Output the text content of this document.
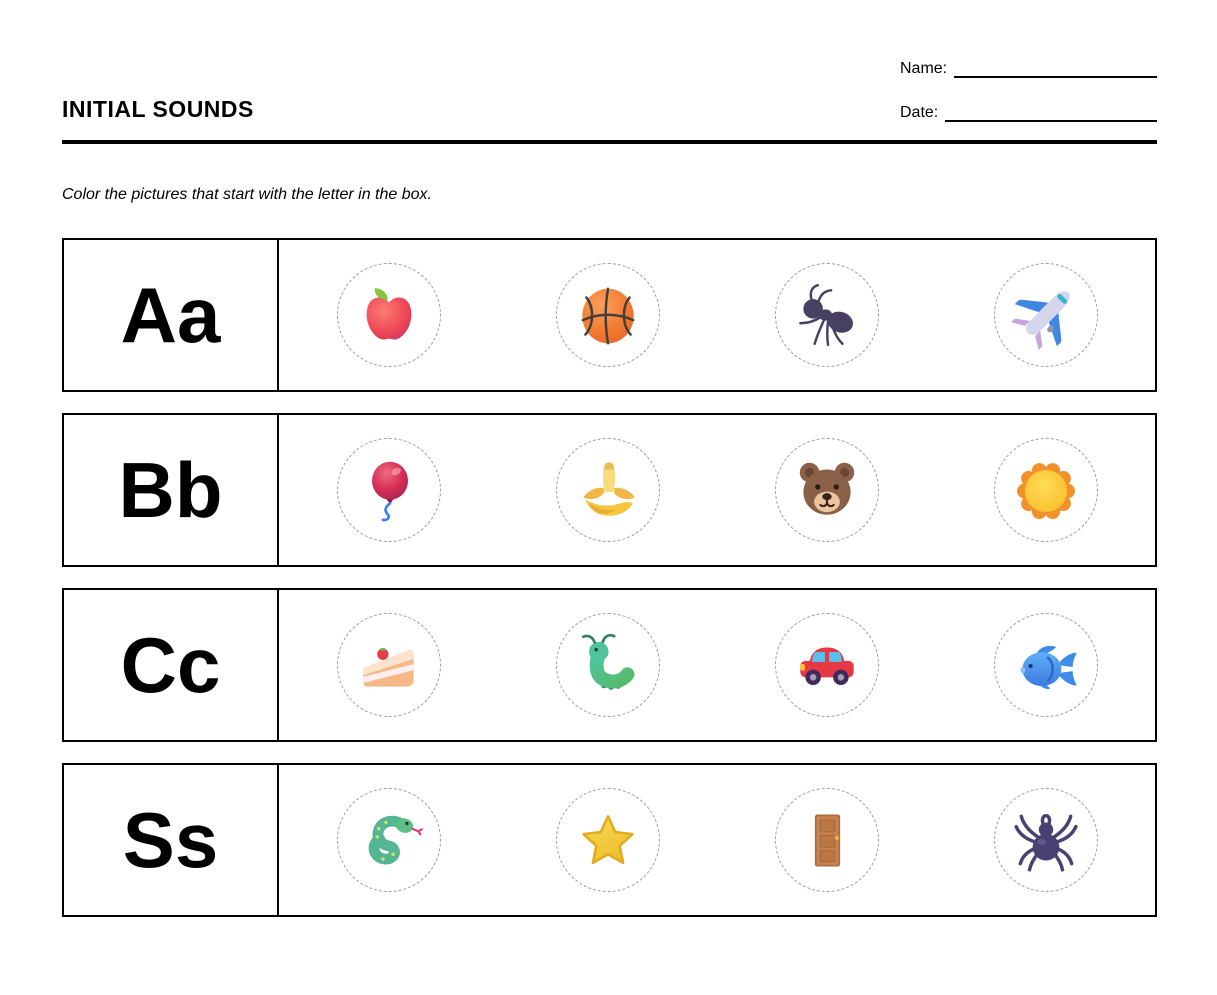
INITIAL SOUNDS
Name:
Date:
Color the pictures that start with the letter in the box.
Aa
Bb
Cc
Ss
